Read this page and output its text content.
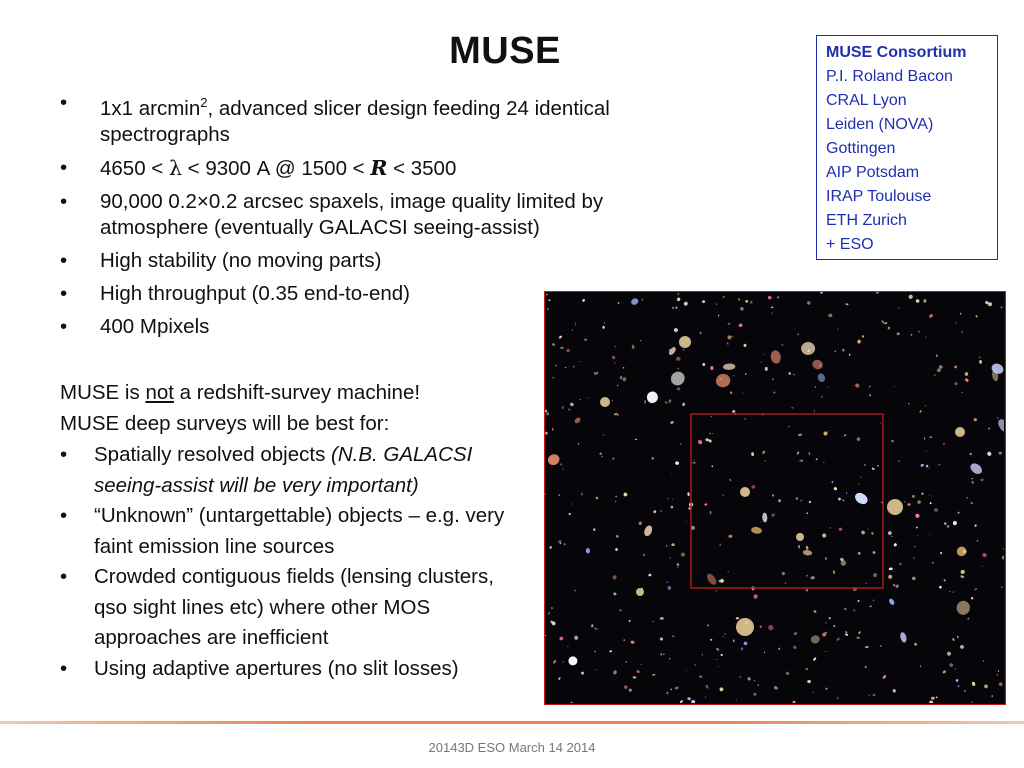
MUSE
• 1x1 arcmin$^2$, advanced slicer design feeding 24 identical spectrographs
• 4650 < λ < 9300 A @ 1500 < R < 3500
• 90,000 0.2×0.2 arcsec spaxels, image quality limited by atmosphere (eventually GALACSI seeing-assist)
• High stability (no moving parts)
• High throughput (0.35 end-to-end)
• 400 Mpixels
MUSE is not a redshift-survey machine!
MUSE deep surveys will be best for:
• Spatially resolved objects (N.B. GALACSI seeing-assist will be very important)
• “Unknown” (untargettable) objects – e.g. very faint emission line sources
• Crowded contiguous fields (lensing clusters, qso sight lines etc) where other MOS approaches are inefficient
• Using adaptive apertures (no slit losses)
MUSE Consortium
P.I. Roland Bacon
CRAL Lyon
Leiden (NOVA)
Gottingen
AIP Potsdam
IRAP Toulouse
ETH Zurich
+ ESO
20143D ESO March 14 2014
